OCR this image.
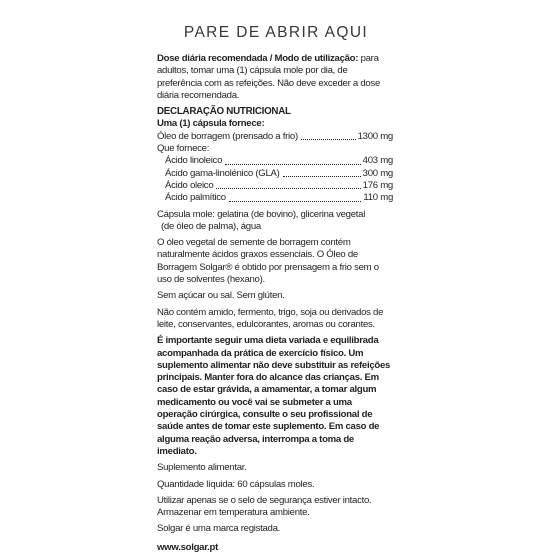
PARE DE ABRIR AQUI

Dose diária recomendada / Modo de utilização: para adultos, tomar uma (1) cápsula mole por dia, de preferência com as refeições. Não deve exceder a dose diária recomendada.

DECLARAÇÃO NUTRICIONAL
Uma (1) cápsula fornece:
Óleo de borragem (prensado a frio)	1300 mg
Que fornece:
Ácido linoleico	403 mg
Ácido gama-linolénico (GLA)	300 mg
Ácido oleico	176 mg
Ácido palmítico	110 mg
Cápsula mole: gelatina (de bovino), glicerina vegetal

(de óleo de palma), água

O óleo vegetal de semente de borragem contém naturalmente ácidos graxos essenciais. O Óleo de Borragem Solgar® é obtido por prensagem a frio sem o uso de solventes (hexano).

Sem açúcar ou sal. Sem glúten.

Não contém amido, fermento, trigo, soja ou derivados de leite, conservantes, edulcorantes, aromas ou corantes.

É importante seguir uma dieta variada e equilibrada acompanhada da prática de exercício físico. Um suplemento alimentar não deve substituir as refeições principais. Manter fora do alcance das crianças. Em caso de estar grávida, a amamentar, a tomar algum medicamento ou você vai se submeter a uma operação cirúrgica, consulte o seu profissional de saúde antes de tomar este suplemento. Em caso de alguma reação adversa, interrompa a toma de imediato.

Suplemento alimentar.

Quantidade líquida: 60 cápsulas moles.

Utilizar apenas se o selo de segurança estiver intacto. Armazenar em temperatura ambiente.

Solgar é uma marca registada.

www.solgar.pt
